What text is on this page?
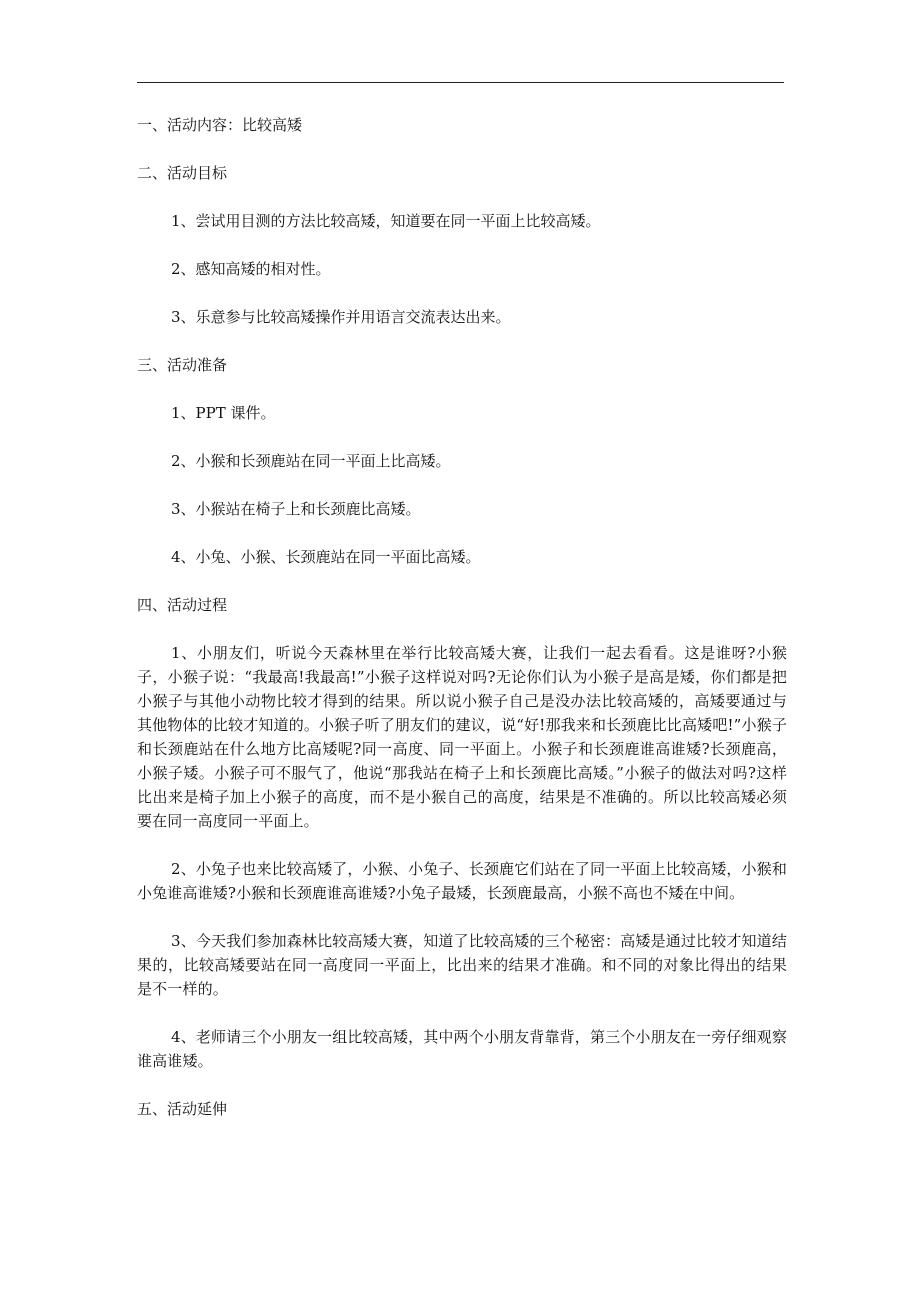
一、活动内容：比较高矮

二、活动目标

1、尝试用目测的方法比较高矮，知道要在同一平面上比较高矮。

2、感知高矮的相对性。

3、乐意参与比较高矮操作并用语言交流表达出来。

三、活动准备

1、PPT 课件。

2、小猴和长颈鹿站在同一平面上比高矮。

3、小猴站在椅子上和长颈鹿比高矮。

4、小兔、小猴、长颈鹿站在同一平面比高矮。

四、活动过程

1、小朋友们，听说今天森林里在举行比较高矮大赛，让我们一起去看看。这是谁呀?小猴子，小猴子说：“我最高!我最高!”小猴子这样说对吗?无论你们认为小猴子是高是矮，你们都是把小猴子与其他小动物比较才得到的结果。所以说小猴子自己是没办法比较高矮的，高矮要通过与其他物体的比较才知道的。小猴子听了朋友们的建议，说“好!那我来和长颈鹿比比高矮吧!”小猴子和长颈鹿站在什么地方比高矮呢?同一高度、同一平面上。小猴子和长颈鹿谁高谁矮?长颈鹿高，小猴子矮。小猴子可不服气了，他说“那我站在椅子上和长颈鹿比高矮。”小猴子的做法对吗?这样比出来是椅子加上小猴子的高度，而不是小猴自己的高度，结果是不准确的。所以比较高矮必须要在同一高度同一平面上。

2、小兔子也来比较高矮了，小猴、小兔子、长颈鹿它们站在了同一平面上比较高矮，小猴和小兔谁高谁矮?小猴和长颈鹿谁高谁矮?小兔子最矮，长颈鹿最高，小猴不高也不矮在中间。

3、今天我们参加森林比较高矮大赛，知道了比较高矮的三个秘密：高矮是通过比较才知道结果的，比较高矮要站在同一高度同一平面上，比出来的结果才准确。和不同的对象比得出的结果是不一样的。

4、老师请三个小朋友一组比较高矮，其中两个小朋友背靠背，第三个小朋友在一旁仔细观察谁高谁矮。

五、活动延伸
